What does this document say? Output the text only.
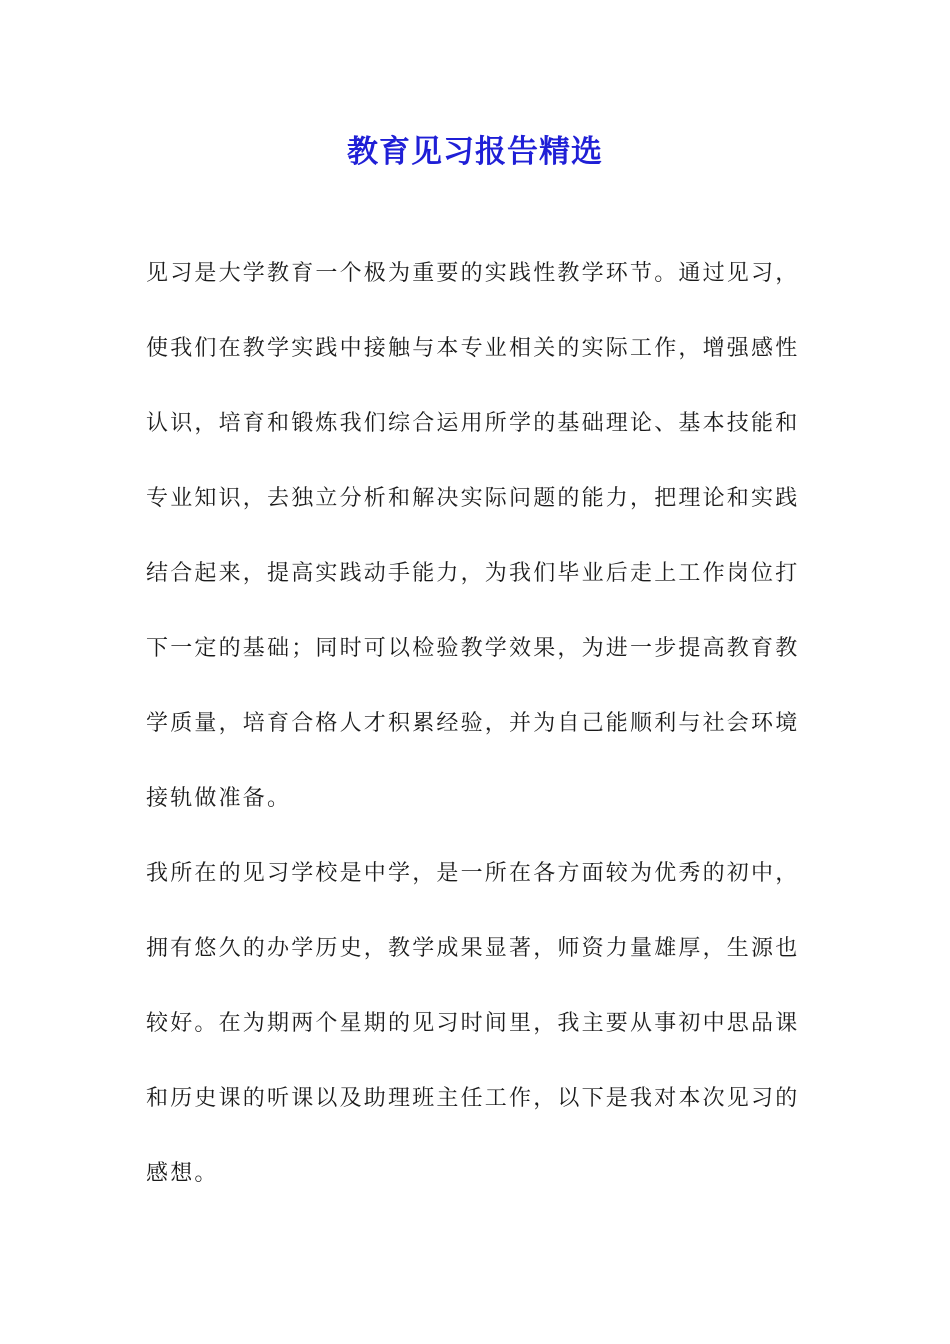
教育见习报告精选

见习是大学教育一个极为重要的实践性教学环节。通过见习，

使我们在教学实践中接触与本专业相关的实际工作，增强感性

认识，培育和锻炼我们综合运用所学的基础理论、基本技能和

专业知识，去独立分析和解决实际问题的能力，把理论和实践

结合起来，提高实践动手能力，为我们毕业后走上工作岗位打

下一定的基础；同时可以检验教学效果，为进一步提高教育教

学质量，培育合格人才积累经验，并为自己能顺利与社会环境

接轨做准备。

我所在的见习学校是中学，是一所在各方面较为优秀的初中，

拥有悠久的办学历史，教学成果显著，师资力量雄厚，生源也

较好。在为期两个星期的见习时间里，我主要从事初中思品课

和历史课的听课以及助理班主任工作，以下是我对本次见习的

感想。
